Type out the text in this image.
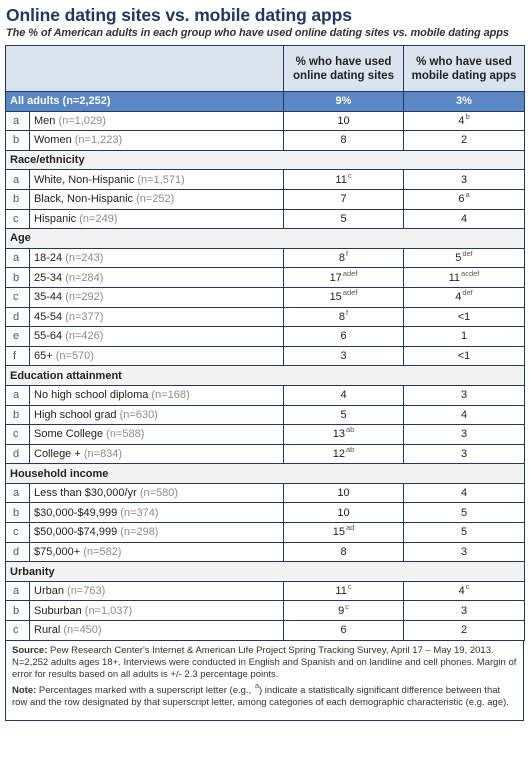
Online dating sites vs. mobile dating apps
The % of American adults in each group who have used online dating sites vs. mobile dating apps
		% who have used online dating sites	% who have used mobile dating apps
All adults (n=2,252)		9%	3%
a	Men (n=1,029)	10	4$^b$
b	Women (n=1,223)	8	2
Race/ethnicity			
a	White, Non-Hispanic (n=1,571)	11$^c$	3
b	Black, Non-Hispanic (n=252)	7	6$^a$
c	Hispanic (n=249)	5	4
Age			
a	18-24 (n=243)	8$^f$	$5^{def}$
b	25-34 (n=284)	$17^{adef}$	$11^{acdef}$
c	35-44 (n=292)	$15^{adef}$	$4^{def}$
d	45-54 (n=377)	$8^f$	<1
e	55-64 (n=426)	6	1
f	65+ (n=570)	3	<1
Education attainment			
a	No high school diploma (n=168)	4	3
b	High school grad (n=630)	5	4
c	Some College (n=588)	$13^{ab}$	3
d	College + (n=834)	$12^{ab}$	3
Household income			
a	Less than $30,000/yr (n=580)	10	4
b	$30,000-$49,999 (n=374)	10	5
c	$50,000-$74,999 (n=298)	$15^{ad}$	5
d	$75,000+ (n=582)	8	3
Urbanity			
a	Urban (n=763)	11$^c$	4$^c$
b	Suburban (n=1,037)	9$^c$	3
c	Rural (n=450)	6	2

Source: Pew Research Center's Internet & American Life Project Spring Tracking Survey, April 17 – May 19, 2013. N=2,252 adults ages 18+. Interviews were conducted in English and Spanish and on landline and cell phones. Margin of error for results based on all adults is +/- 2.3 percentage points.

Note: Percentages marked with a superscript letter (e.g., $^a$) indicate a statistically significant difference between that row and the row designated by that superscript letter, among categories of each demographic characteristic (e.g. age).
